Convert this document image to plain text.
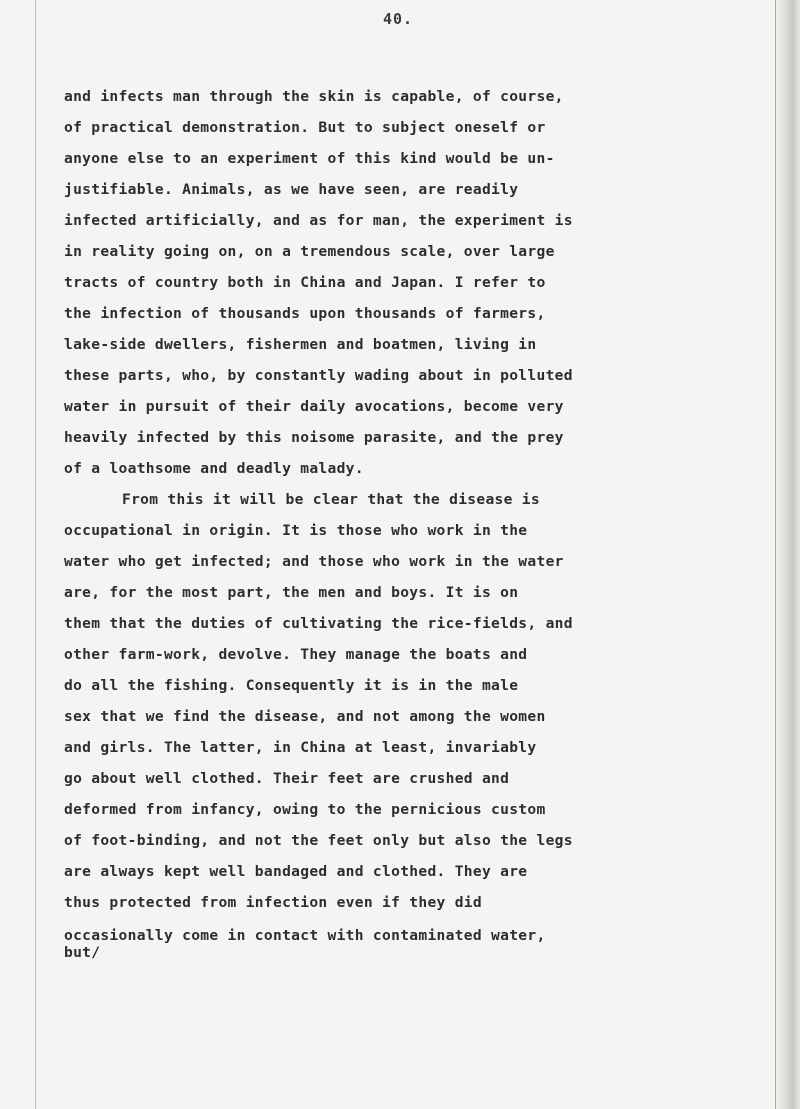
40.
and infects man through the skin is capable, of course,
of practical demonstration. But to subject oneself or
anyone else to an experiment of this kind would be un-
justifiable. Animals, as we have seen, are readily
infected artificially, and as for man, the experiment is
in reality going on, on a tremendous scale, over large
tracts of country both in China and Japan. I refer to
the infection of thousands upon thousands of farmers,
lake-side dwellers, fishermen and boatmen, living in
these parts, who, by constantly wading about in polluted
water in pursuit of their daily avocations, become very
heavily infected by this noisome parasite, and the prey
of a loathsome and deadly malady.
From this it will be clear that the disease is
occupational in origin. It is those who work in the
water who get infected; and those who work in the water
are, for the most part, the men and boys. It is on
them that the duties of cultivating the rice-fields, and
other farm-work, devolve. They manage the boats and
do all the fishing. Consequently it is in the male
sex that we find the disease, and not among the women
and girls. The latter, in China at least, invariably
go about well clothed. Their feet are crushed and
deformed from infancy, owing to the pernicious custom
of foot-binding, and not the feet only but also the legs
are always kept well bandaged and clothed. They are
thus protected from infection even if they did
occasionally come in contact with contaminated water,
but/
